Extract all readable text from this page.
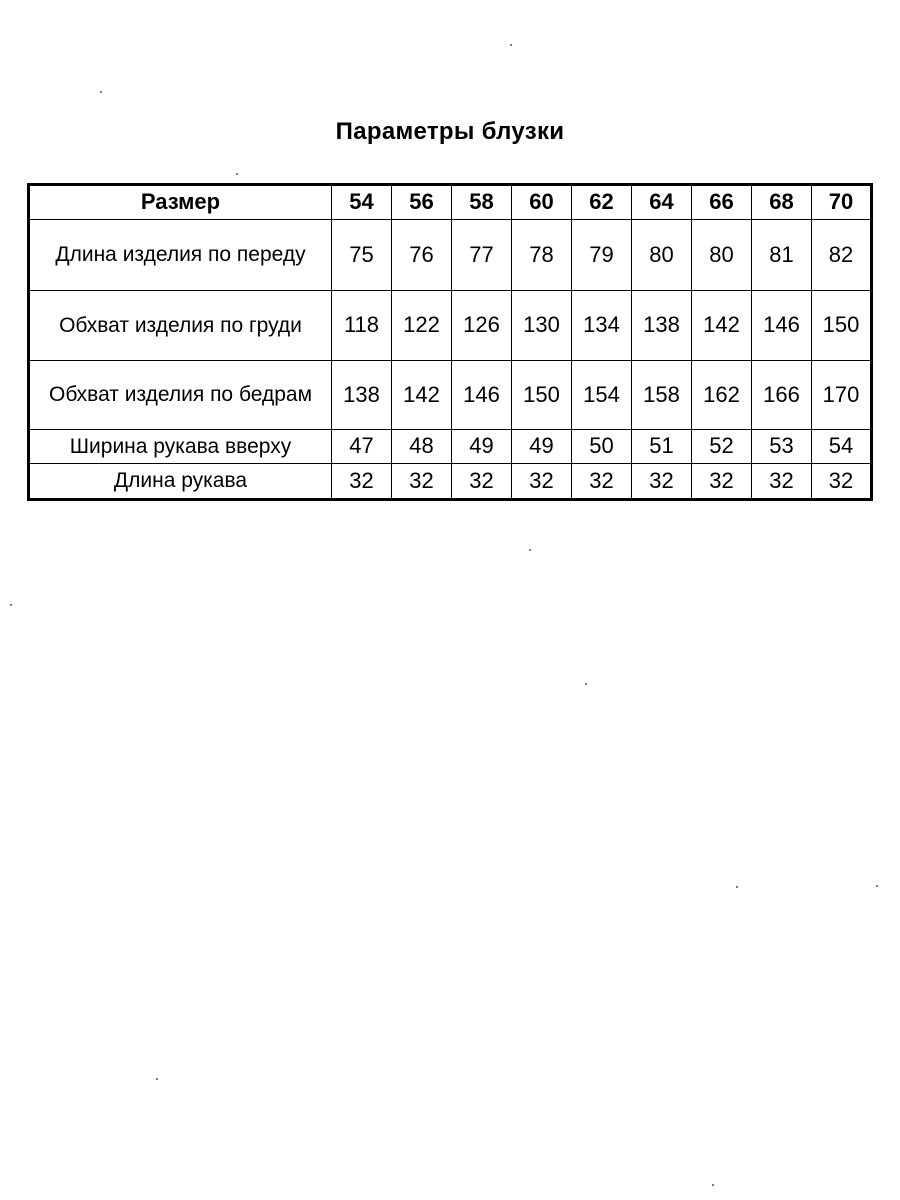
Параметры блузки
Размер	54	56	58	60	62	64	66	68	70
Длина изделия по переду	75	76	77	78	79	80	80	81	82
Обхват изделия по груди	118	122	126	130	134	138	142	146	150
Обхват изделия по бедрам	138	142	146	150	154	158	162	166	170
Ширина рукава вверху	47	48	49	49	50	51	52	53	54
Длина рукава	32	32	32	32	32	32	32	32	32
